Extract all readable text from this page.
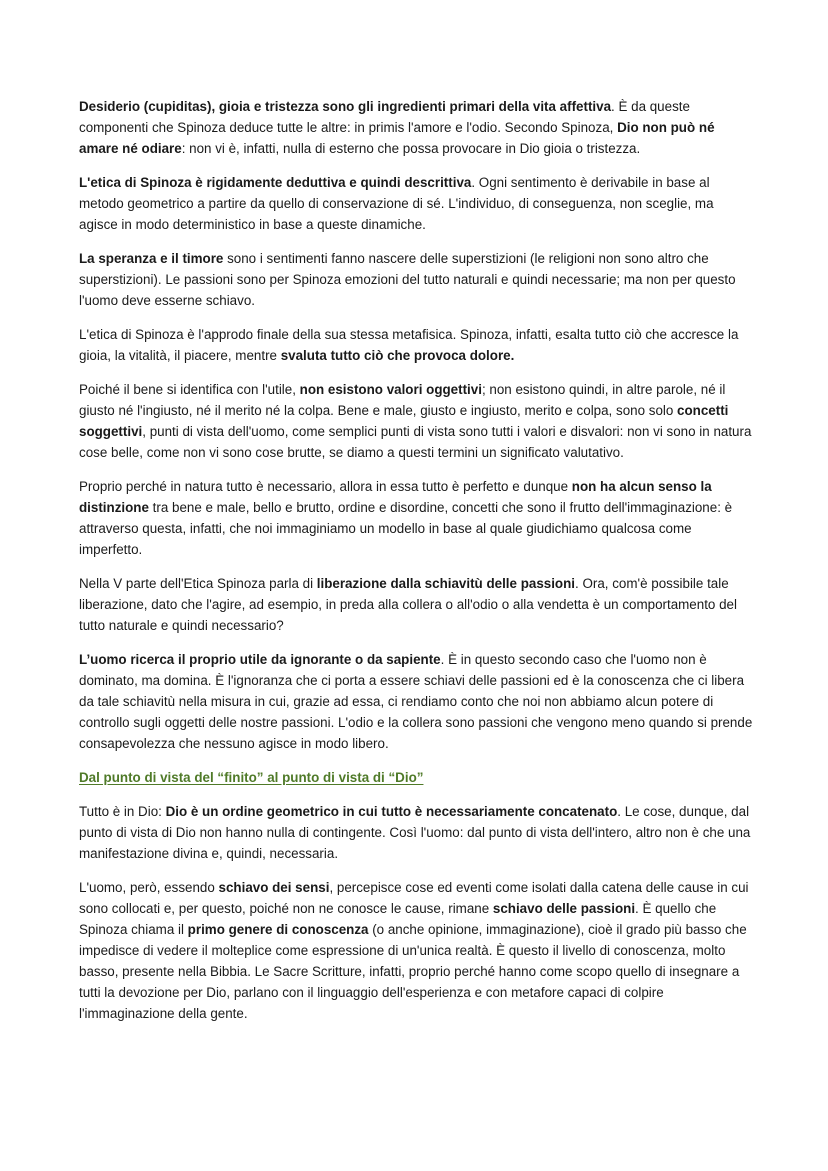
Desiderio (cupiditas), gioia e tristezza sono gli ingredienti primari della vita affettiva. È da queste componenti che Spinoza deduce tutte le altre: in primis l'amore e l'odio. Secondo Spinoza, Dio non può né amare né odiare: non vi è, infatti, nulla di esterno che possa provocare in Dio gioia o tristezza.

L'etica di Spinoza è rigidamente deduttiva e quindi descrittiva. Ogni sentimento è derivabile in base al metodo geometrico a partire da quello di conservazione di sé. L'individuo, di conseguenza, non sceglie, ma agisce in modo deterministico in base a queste dinamiche.

La speranza e il timore sono i sentimenti fanno nascere delle superstizioni (le religioni non sono altro che superstizioni). Le passioni sono per Spinoza emozioni del tutto naturali e quindi necessarie; ma non per questo l'uomo deve esserne schiavo.

L'etica di Spinoza è l'approdo finale della sua stessa metafisica. Spinoza, infatti, esalta tutto ciò che accresce la gioia, la vitalità, il piacere, mentre svaluta tutto ciò che provoca dolore.

Poiché il bene si identifica con l'utile, non esistono valori oggettivi; non esistono quindi, in altre parole, né il giusto né l'ingiusto, né il merito né la colpa. Bene e male, giusto e ingiusto, merito e colpa, sono solo concetti soggettivi, punti di vista dell'uomo, come semplici punti di vista sono tutti i valori e disvalori: non vi sono in natura cose belle, come non vi sono cose brutte, se diamo a questi termini un significato valutativo.

Proprio perché in natura tutto è necessario, allora in essa tutto è perfetto e dunque non ha alcun senso la distinzione tra bene e male, bello e brutto, ordine e disordine, concetti che sono il frutto dell'immaginazione: è attraverso questa, infatti, che noi immaginiamo un modello in base al quale giudichiamo qualcosa come imperfetto.

Nella V parte dell'Etica Spinoza parla di liberazione dalla schiavitù delle passioni. Ora, com'è possibile tale liberazione, dato che l'agire, ad esempio, in preda alla collera o all'odio o alla vendetta è un comportamento del tutto naturale e quindi necessario?

L’uomo ricerca il proprio utile da ignorante o da sapiente. È in questo secondo caso che l'uomo non è dominato, ma domina. È l'ignoranza che ci porta a essere schiavi delle passioni ed è la conoscenza che ci libera da tale schiavitù nella misura in cui, grazie ad essa, ci rendiamo conto che noi non abbiamo alcun potere di controllo sugli oggetti delle nostre passioni. L'odio e la collera sono passioni che vengono meno quando si prende consapevolezza che nessuno agisce in modo libero.

Dal punto di vista del “finito” al punto di vista di “Dio”

Tutto è in Dio: Dio è un ordine geometrico in cui tutto è necessariamente concatenato. Le cose, dunque, dal punto di vista di Dio non hanno nulla di contingente. Così l'uomo: dal punto di vista dell'intero, altro non è che una manifestazione divina e, quindi, necessaria.

L'uomo, però, essendo schiavo dei sensi, percepisce cose ed eventi come isolati dalla catena delle cause in cui sono collocati e, per questo, poiché non ne conosce le cause, rimane schiavo delle passioni. È quello che Spinoza chiama il primo genere di conoscenza (o anche opinione, immaginazione), cioè il grado più basso che impedisce di vedere il molteplice come espressione di un'unica realtà. È questo il livello di conoscenza, molto basso, presente nella Bibbia. Le Sacre Scritture, infatti, proprio perché hanno come scopo quello di insegnare a tutti la devozione per Dio, parlano con il linguaggio dell'esperienza e con metafore capaci di colpire l'immaginazione della gente.
